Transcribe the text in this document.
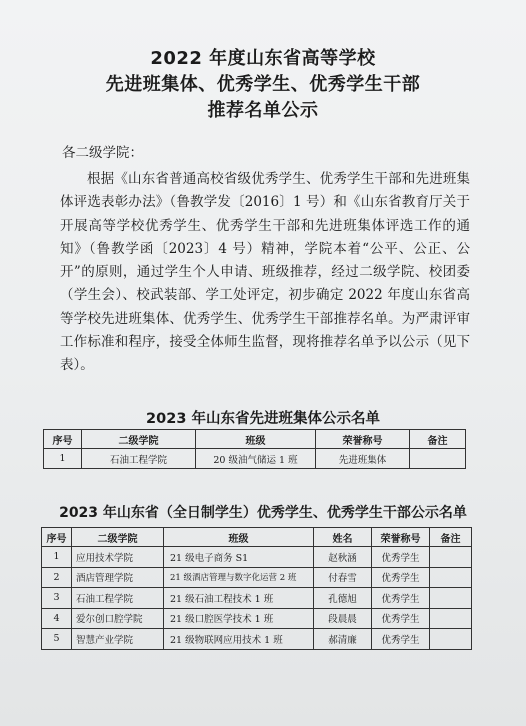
2022 年度山东省高等学校
先进班集体、优秀学生、优秀学生干部
推荐名单公示
各二级学院：

根据《山东省普通高校省级优秀学生、优秀学生干部和先进班集体评选表彰办法》（鲁教学发〔2016〕1 号）和《山东省教育厅关于开展高等学校优秀学生、优秀学生干部和先进班集体评选工作的通知》（鲁教学函〔2023〕4 号）精神，学院本着“公平、公正、公开”的原则，通过学生个人申请、班级推荐，经过二级学院、校团委（学生会）、校武装部、学工处评定，初步确定 2022 年度山东省高等学校先进班集体、优秀学生、优秀学生干部推荐名单。为严肃评审工作标准和程序，接受全体师生监督，现将推荐名单予以公示（见下表）。

2023 年山东省先进班集体公示名单
序号	二级学院	班级	荣誉称号	备注
1	石油工程学院	20 级油气储运 1 班	先进班集体	
2023 年山东省（全日制学生）优秀学生、优秀学生干部公示名单
序号	二级学院	班级	姓名	荣誉称号	备注
1	应用技术学院	21 级电子商务 S1	赵秋涵	优秀学生	
2	酒店管理学院	21 级酒店管理与数字化运营 2 班	付春雪	优秀学生	
3	石油工程学院	21 级石油工程技术 1 班	孔德旭	优秀学生	
4	爱尔创口腔学院	21 级口腔医学技术 1 班	段晨晨	优秀学生	
5	智慧产业学院	21 级物联网应用技术 1 班	郝清廉	优秀学生	
